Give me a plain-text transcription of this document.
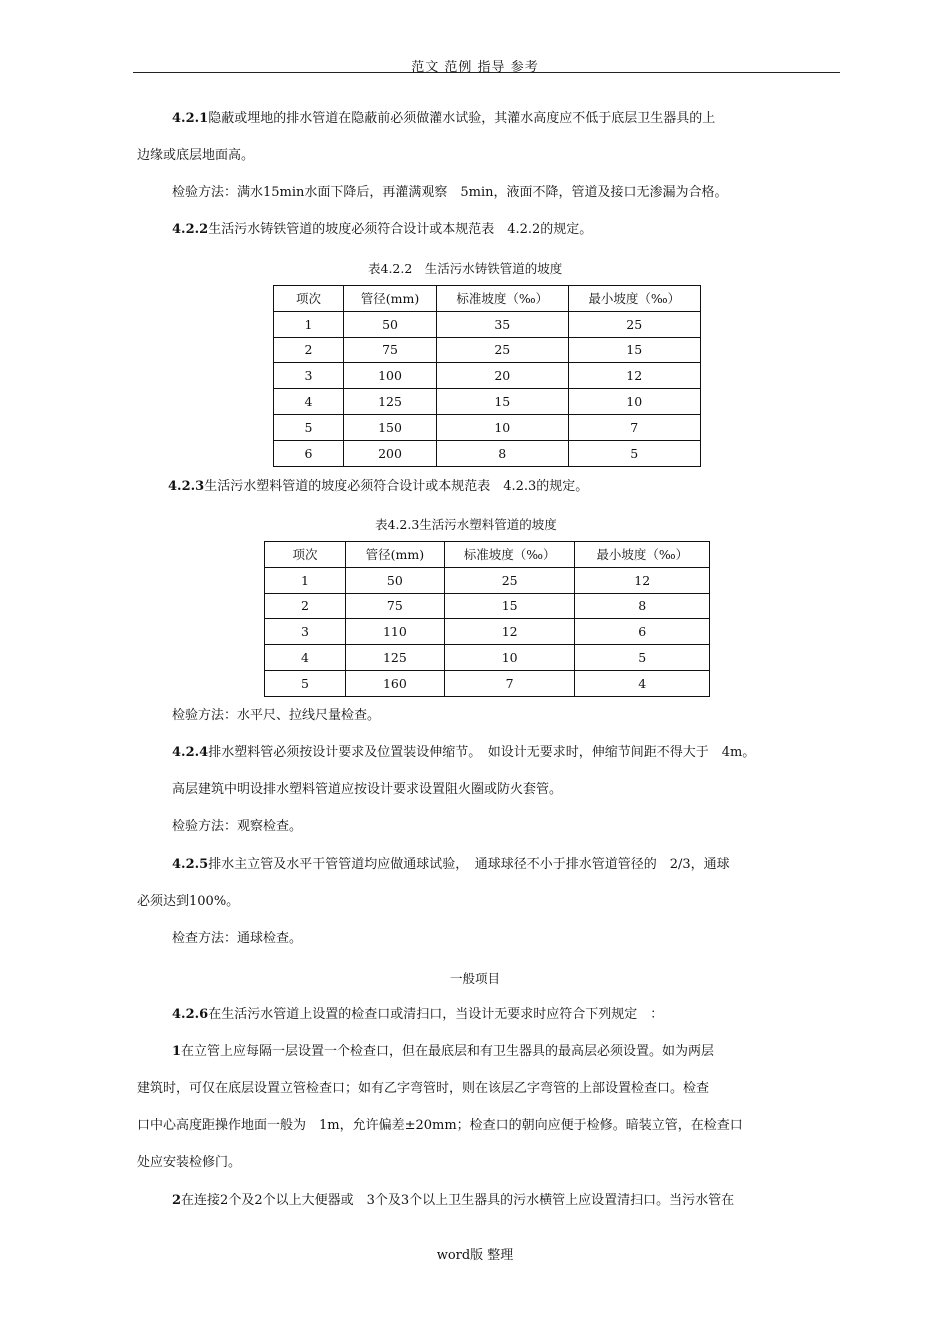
范文 范例 指导 参考
4.2.1隐蔽或埋地的排水管道在隐蔽前必须做灌水试验，其灌水高度应不低于底层卫生器具的上
边缘或底层地面高。
检验方法：满水15min水面下降后，再灌满观察　5min，液面不降，管道及接口无渗漏为合格。
4.2.2生活污水铸铁管道的坡度必须符合设计或本规范表　4.2.2的规定。
表4.2.2　生活污水铸铁管道的坡度
项次	管径(mm)	标准坡度（‰）	最小坡度（‰）
1	50	35	25
2	75	25	15
3	100	20	12
4	125	15	10
5	150	10	7
6	200	8	5
4.2.3生活污水塑料管道的坡度必须符合设计或本规范表　4.2.3的规定。
表4.2.3生活污水塑料管道的坡度
项次	管径(mm)	标准坡度（‰）	最小坡度（‰）
1	50	25	12
2	75	15	8
3	110	12	6
4	125	10	5
5	160	7	4
检验方法：水平尺、拉线尺量检查。
4.2.4排水塑料管必须按设计要求及位置装设伸缩节。　如设计无要求时，伸缩节间距不得大于　4m。
高层建筑中明设排水塑料管道应按设计要求设置阻火圈或防火套管。
检验方法：观察检查。
4.2.5排水主立管及水平干管管道均应做通球试验，　通球球径不小于排水管道管径的　2/3，通球
必须达到100%。
检查方法：通球检查。
一般项目
4.2.6在生活污水管道上设置的检查口或清扫口，当设计无要求时应符合下列规定　：
1在立管上应每隔一层设置一个检查口，但在最底层和有卫生器具的最高层必须设置。如为两层
建筑时，可仅在底层设置立管检查口；如有乙字弯管时，则在该层乙字弯管的上部设置检查口。检查
口中心高度距操作地面一般为　1m，允许偏差±20mm；检查口的朝向应便于检修。暗装立管，在检查口
处应安装检修门。
2在连接2个及2个以上大便器或　3个及3个以上卫生器具的污水横管上应设置清扫口。当污水管在
word版 整理
